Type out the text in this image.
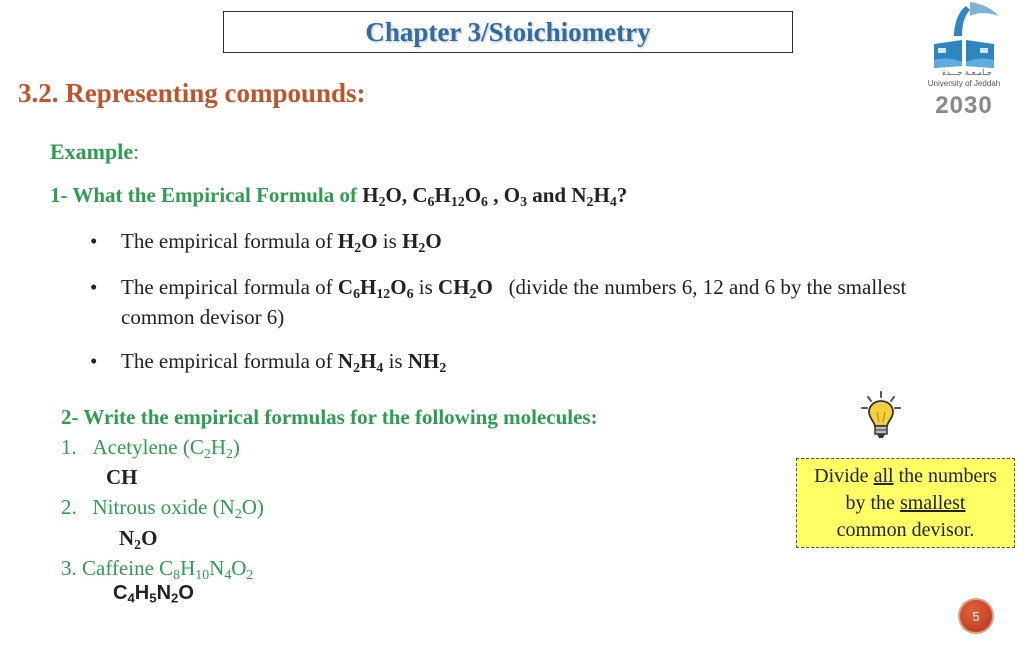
Chapter 3/Stoichiometry
جـامـعـة جـــدة
University of Jeddah
2030
3.2. Representing compounds:
Example:
1- What the Empirical Formula of $H_2O$, $C_6H_{12}O_6$ , $O_3$ and $N_2H_4$?
• The empirical formula of $H_2O$ is $H_2O$
• The empirical formula of $C_6H_{12}O_6$ is $CH_2O$ (divide the numbers 6, 12 and 6 by the smallest common devisor 6)
• The empirical formula of $N_2H_4$ is $NH_2$
2- Write the empirical formulas for the following molecules:
1.   Acetylene $(C_2H_2)$
CH
2.   Nitrous oxide $(N_2O)$
$N_2O$
3. Caffeine $C_8H_{10}N_4O_2$
$C_4H_5N_2O$
Divide all the numbers
by the smallest
common devisor.
5
